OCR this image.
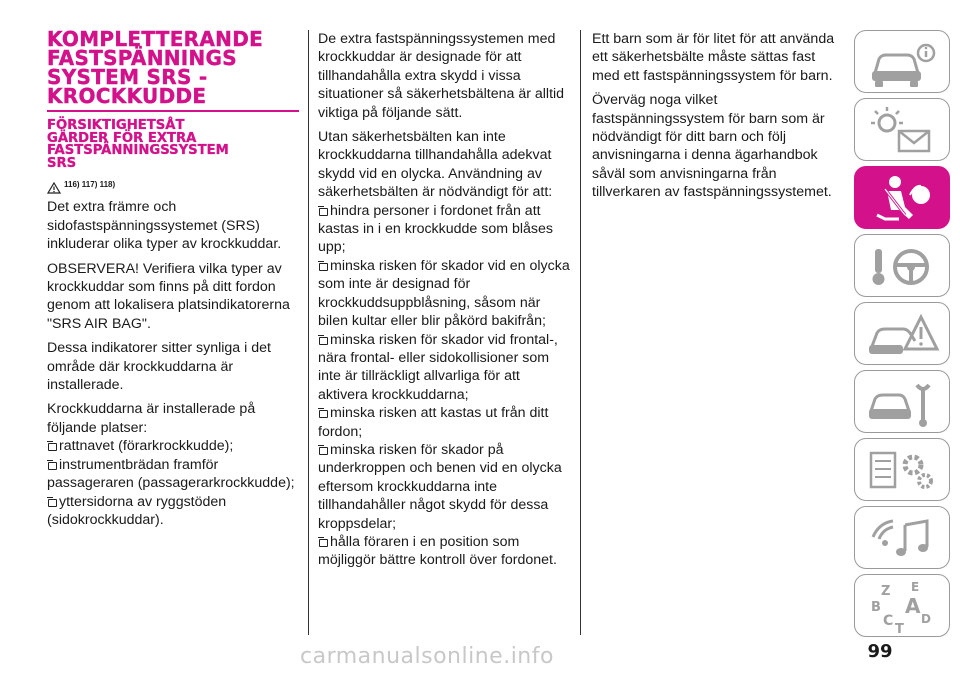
KOMPLETTERANDE
FASTSPÄNNINGS
SYSTEM SRS -
KROCKKUDDE
FÖRSIKTIGHETSÅT
GÄRDER FÖR EXTRA
FASTSPÄNNINGSSYSTEM
SRS
116) 117) 118)

Det extra främre och sidofastspänningssystemet (SRS) inkluderar olika typer av krockkuddar.

OBSERVERA! Verifiera vilka typer av krockkuddar som finns på ditt fordon genom att lokalisera platsindikatorerna "SRS AIR BAG".

Dessa indikatorer sitter synliga i det område där krockkuddarna är installerade.

Krockkuddarna är installerade på följande platser:

rattnavet (förarkrockkudde);
instrumentbrädan framför passageraren (passagerarkrockkudde);
yttersidorna av ryggstöden (sidokrockkuddar).

De extra fastspänningssystemen med krockkuddar är designade för att tillhandahålla extra skydd i vissa situationer så säkerhetsbältena är alltid viktiga på följande sätt.

Utan säkerhetsbälten kan inte krockkuddarna tillhandahålla adekvat skydd vid en olycka. Användning av säkerhetsbälten är nödvändigt för att:

hindra personer i fordonet från att kastas in i en krockkudde som blåses upp;
minska risken för skador vid en olycka som inte är designad för krockkuddsuppblåsning, såsom när bilen kultar eller blir påkörd bakifrån;
minska risken för skador vid frontal-, nära frontal- eller sidokollisioner som inte är tillräckligt allvarliga för att aktivera krockkuddarna;
minska risken att kastas ut från ditt fordon;
minska risken för skador på underkroppen och benen vid en olycka eftersom krockkuddarna inte tillhandahåller något skydd för dessa kroppsdelar;
hålla föraren i en position som möjliggör bättre kontroll över fordonet.

Ett barn som är för litet för att använda ett säkerhetsbälte måste sättas fast med ett fastspänningssystem för barn.

Överväg noga vilket fastspänningssystem för barn som är nödvändigt för ditt barn och följ anvisningarna i denna ägarhandbok såväl som anvisningarna från tillverkaren av fastspänningssystemet.

Z E
B A
C D
T
99
carmanualsonline.info
